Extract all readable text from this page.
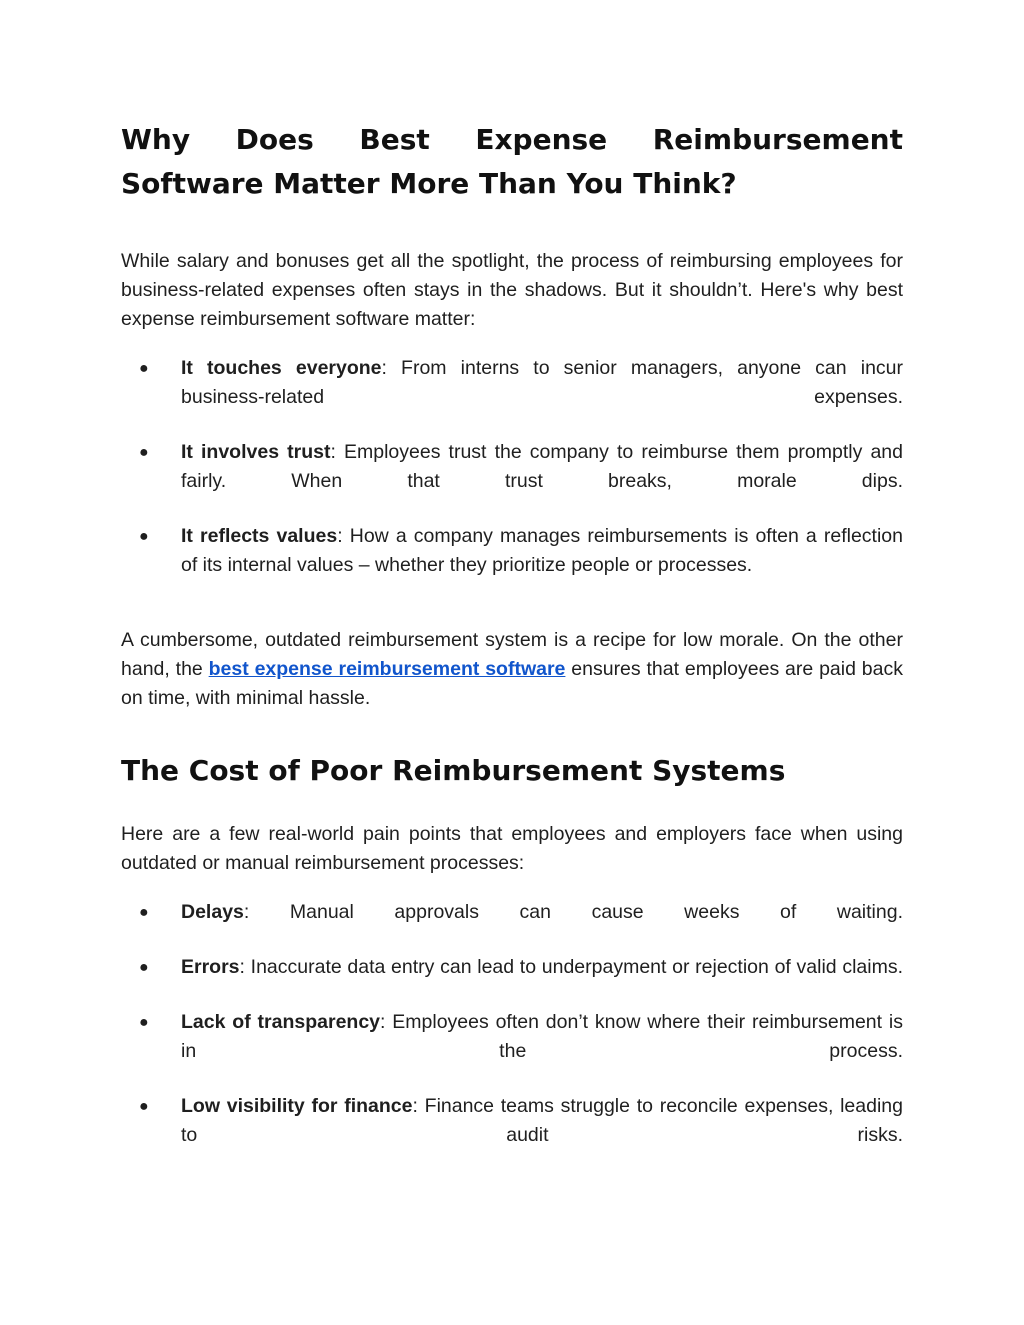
Why Does Best Expense Reimbursement Software Matter More Than You Think?

While salary and bonuses get all the spotlight, the process of reimbursing employees for business-related expenses often stays in the shadows. But it shouldn’t. Here's why best expense reimbursement software matter:

●	It touches everyone: From interns to senior managers, anyone can incur business-related expenses.
●	It involves trust: Employees trust the company to reimburse them promptly and fairly. When that trust breaks, morale dips.
●	It reflects values: How a company manages reimbursements is often a reflection of its internal values – whether they prioritize people or processes.

A cumbersome, outdated reimbursement system is a recipe for low morale. On the other hand, the best expense reimbursement software ensures that employees are paid back on time, with minimal hassle.

The Cost of Poor Reimbursement Systems

Here are a few real-world pain points that employees and employers face when using outdated or manual reimbursement processes:

●	Delays: Manual approvals can cause weeks of waiting.
●	Errors: Inaccurate data entry can lead to underpayment or rejection of valid claims.
●	Lack of transparency: Employees often don’t know where their reimbursement is in the process.
●	Low visibility for finance: Finance teams struggle to reconcile expenses, leading to audit risks.
